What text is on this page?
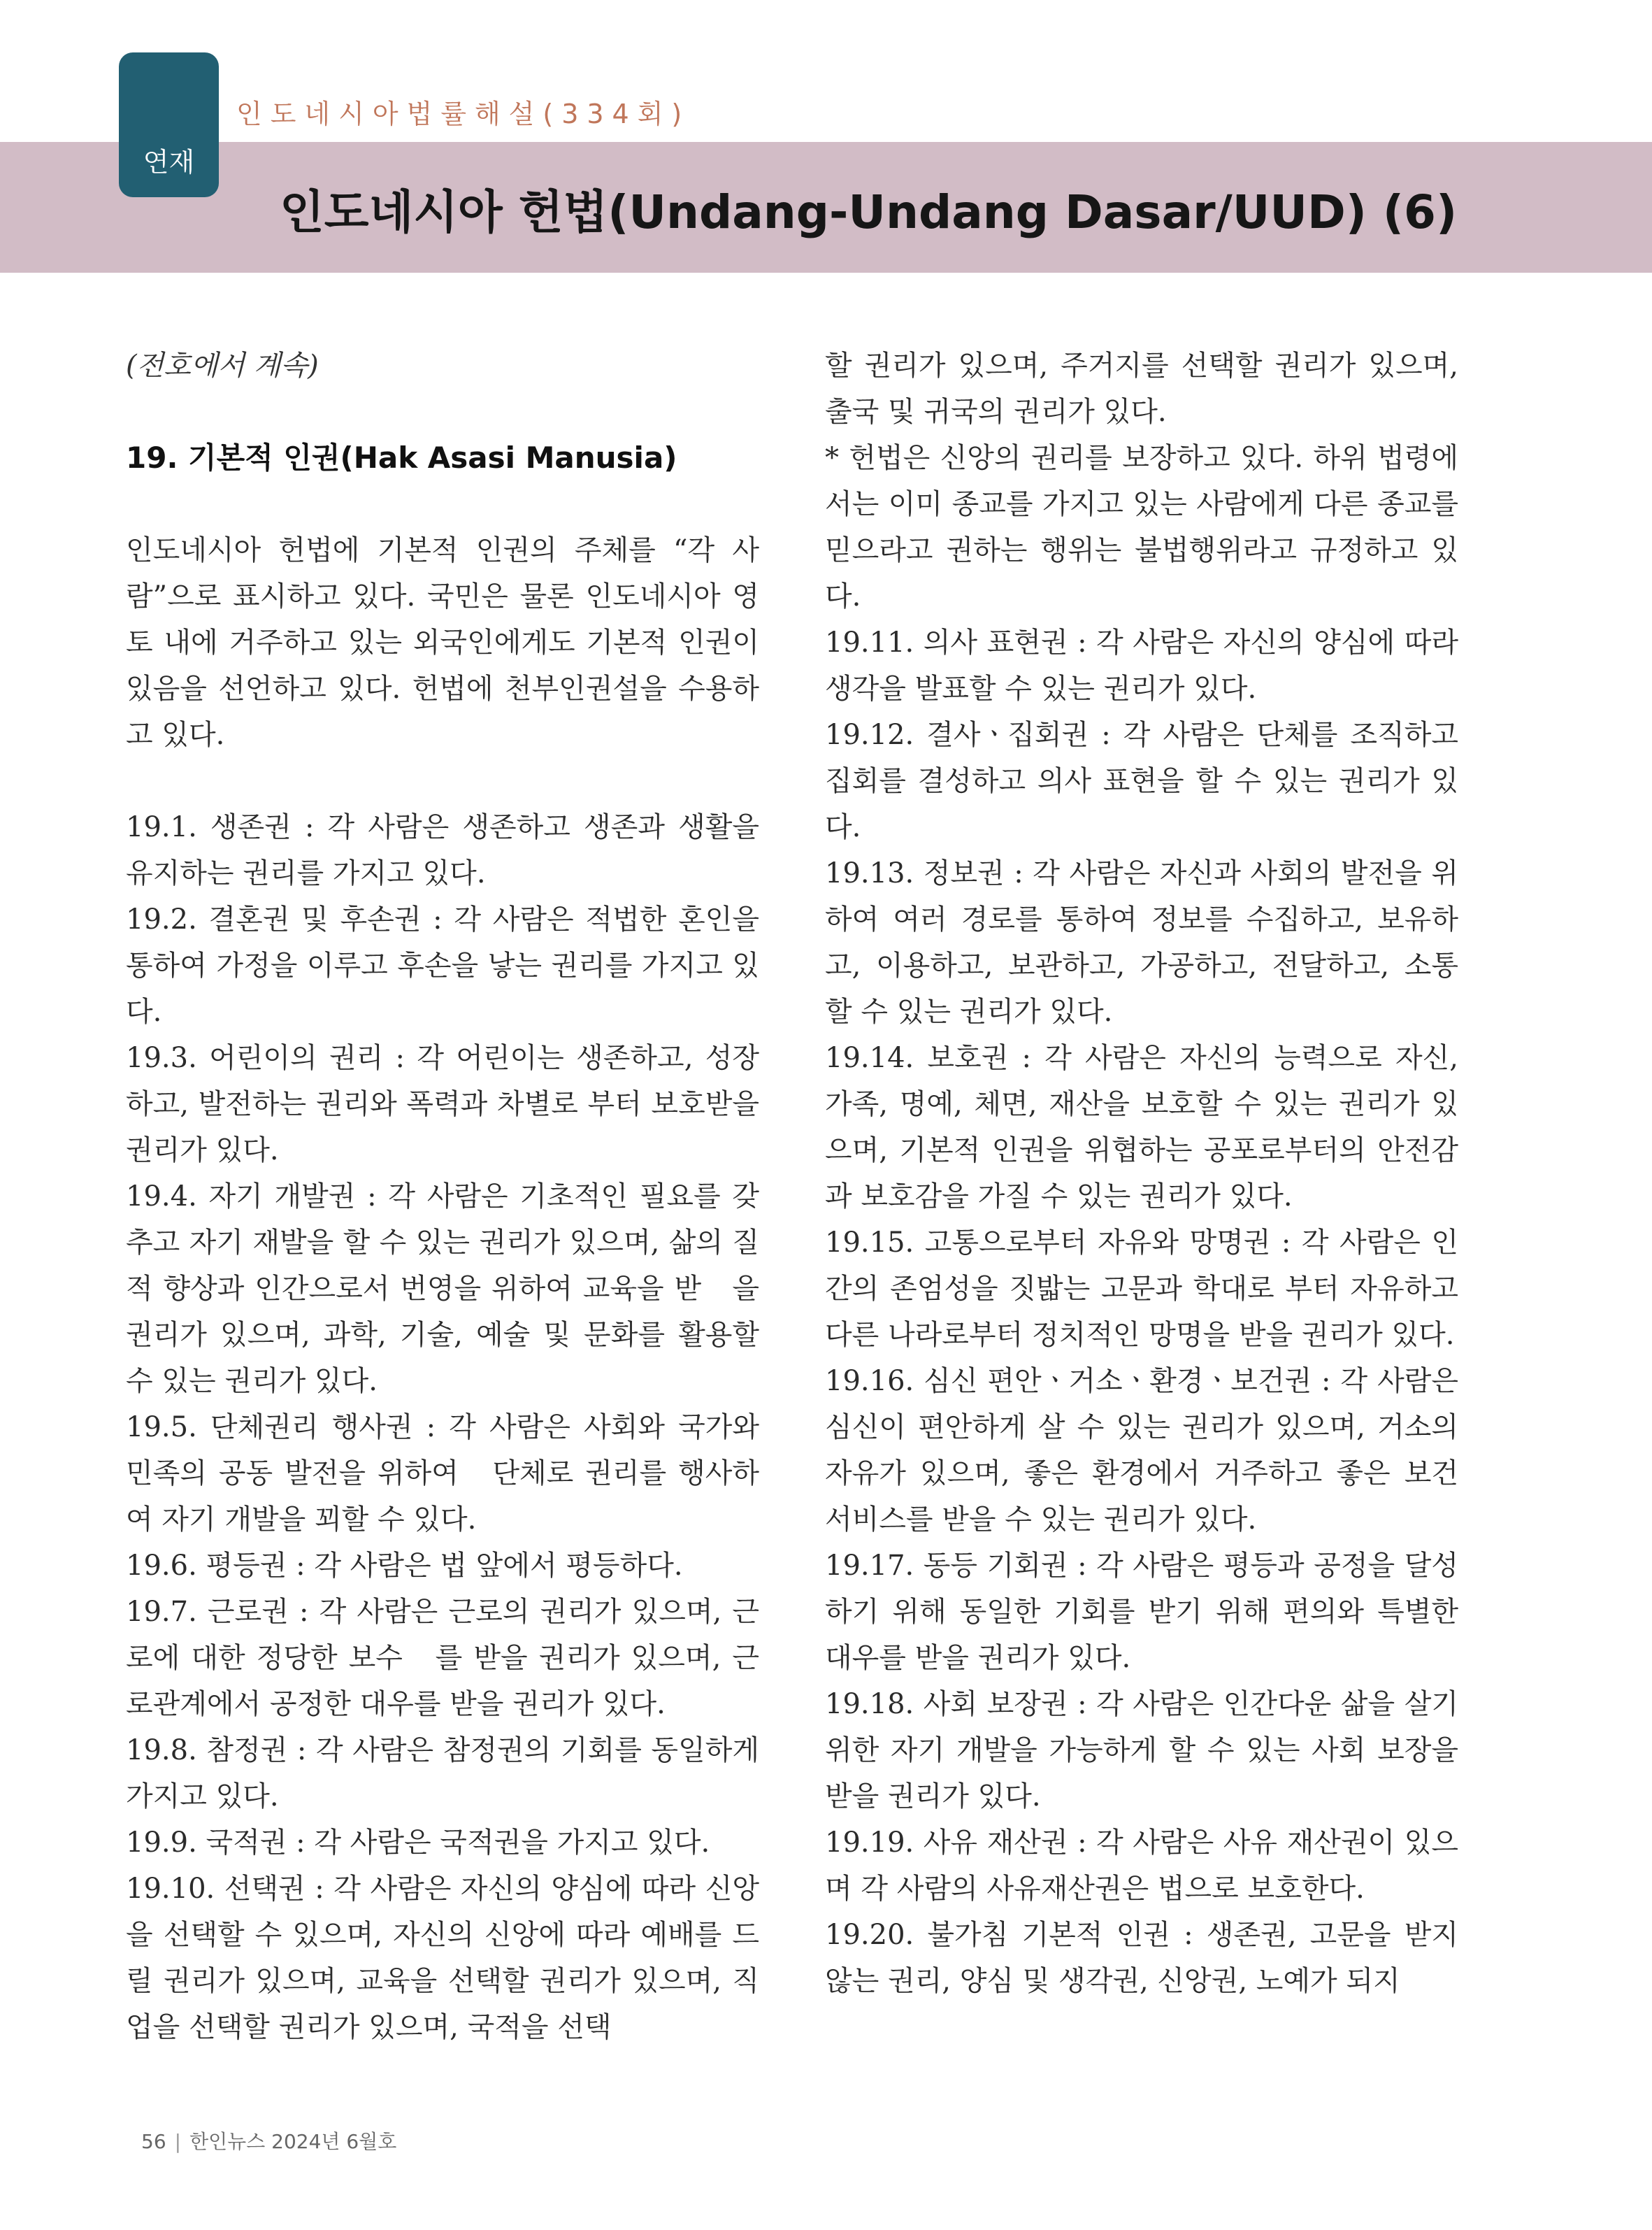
연재
인도네시아법률해설(334회)
인도네시아 헌법(Undang-Undang Dasar/UUD) (6)

(전호에서 계속)

19. 기본적 인권(Hak Asasi Manusia)

인도네시아 헌법에 기본적 인권의 주체를 “각 사람”으로 표시하고 있다. 국민은 물론 인도네시아 영토 내에 거주하고 있는 외국인에게도 기본적 인권이 있음을 선언하고 있다. 헌법에 천부인권설을 수용하고 있다.

19.1. 생존권 : 각 사람은 생존하고 생존과 생활을 유지하는 권리를 가지고 있다.

19.2. 결혼권 및 후손권 : 각 사람은 적법한 혼인을 통하여 가정을 이루고 후손을 낳는 권리를 가지고 있다.

19.3. 어린이의 권리 : 각 어린이는 생존하고, 성장하고, 발전하는 권리와 폭력과 차별로 부터 보호받을 권리가 있다.

19.4. 자기 개발권 : 각 사람은 기초적인 필요를 갖추고 자기 재발을 할 수 있는 권리가 있으며, 삶의 질적 향상과 인간으로서 번영을 위하여 교육을 받　을 권리가 있으며, 과학, 기술, 예술 및 문화를 활용할 수 있는 권리가 있다.

19.5. 단체권리 행사권 : 각 사람은 사회와 국가와 민족의 공동 발전을 위하여　단체로 권리를 행사하여 자기 개발을 꾀할 수 있다.

19.6. 평등권 : 각 사람은 법 앞에서 평등하다.

19.7. 근로권 : 각 사람은 근로의 권리가 있으며, 근로에 대한 정당한 보수　를 받을 권리가 있으며, 근로관계에서 공정한 대우를 받을 권리가 있다.

19.8. 참정권 : 각 사람은 참정권의 기회를 동일하게 가지고 있다.

19.9. 국적권 : 각 사람은 국적권을 가지고 있다.

19.10. 선택권 : 각 사람은 자신의 양심에 따라 신앙을 선택할 수 있으며, 자신의 신앙에 따라 예배를 드릴 권리가 있으며, 교육을 선택할 권리가 있으며, 직업을 선택할 권리가 있으며, 국적을 선택

할 권리가 있으며, 주거지를 선택할 권리가 있으며, 출국 및 귀국의 권리가 있다.

* 헌법은 신앙의 권리를 보장하고 있다. 하위 법령에서는 이미 종교를 가지고 있는 사람에게 다른 종교를 믿으라고 권하는 행위는 불법행위라고 규정하고 있다.

19.11. 의사 표현권 : 각 사람은 자신의 양심에 따라 생각을 발표할 수 있는 권리가 있다.

19.12. 결사ㆍ집회권 : 각 사람은 단체를 조직하고 집회를 결성하고 의사 표현을 할 수 있는 권리가 있다.

19.13. 정보권 : 각 사람은 자신과 사회의 발전을 위하여 여러 경로를 통하여 정보를 수집하고, 보유하고, 이용하고, 보관하고, 가공하고, 전달하고, 소통　할 수 있는 권리가 있다.

19.14. 보호권 : 각 사람은 자신의 능력으로 자신, 가족, 명예, 체면, 재산을 보호할 수 있는 권리가 있으며, 기본적 인권을 위협하는 공포로부터의 안전감과 보호감을 가질 수 있는 권리가 있다.

19.15. 고통으로부터 자유와 망명권 : 각 사람은 인간의 존엄성을 짓밟는 고문과 학대로 부터 자유하고 다른 나라로부터 정치적인 망명을 받을 권리가 있다.

19.16. 심신 편안ㆍ거소ㆍ환경ㆍ보건권 : 각 사람은 심신이 편안하게 살 수 있는 권리가 있으며, 거소의 자유가 있으며, 좋은 환경에서 거주하고 좋은 보건 서비스를 받을 수 있는 권리가 있다.

19.17. 동등 기회권 : 각 사람은 평등과 공정을 달성하기 위해 동일한 기회를 받기 위해 편의와 특별한 대우를 받을 권리가 있다.

19.18. 사회 보장권 : 각 사람은 인간다운 삶을 살기위한 자기 개발을 가능하게 할 수 있는 사회 보장을 받을 권리가 있다.

19.19. 사유 재산권 : 각 사람은 사유 재산권이 있으며 각 사람의 사유재산권은 법으로 보호한다.

19.20. 불가침 기본적 인권 : 생존권, 고문을 받지 않는 권리, 양심 및 생각권, 신앙권, 노예가 되지

56 | 한인뉴스 2024년 6월호
